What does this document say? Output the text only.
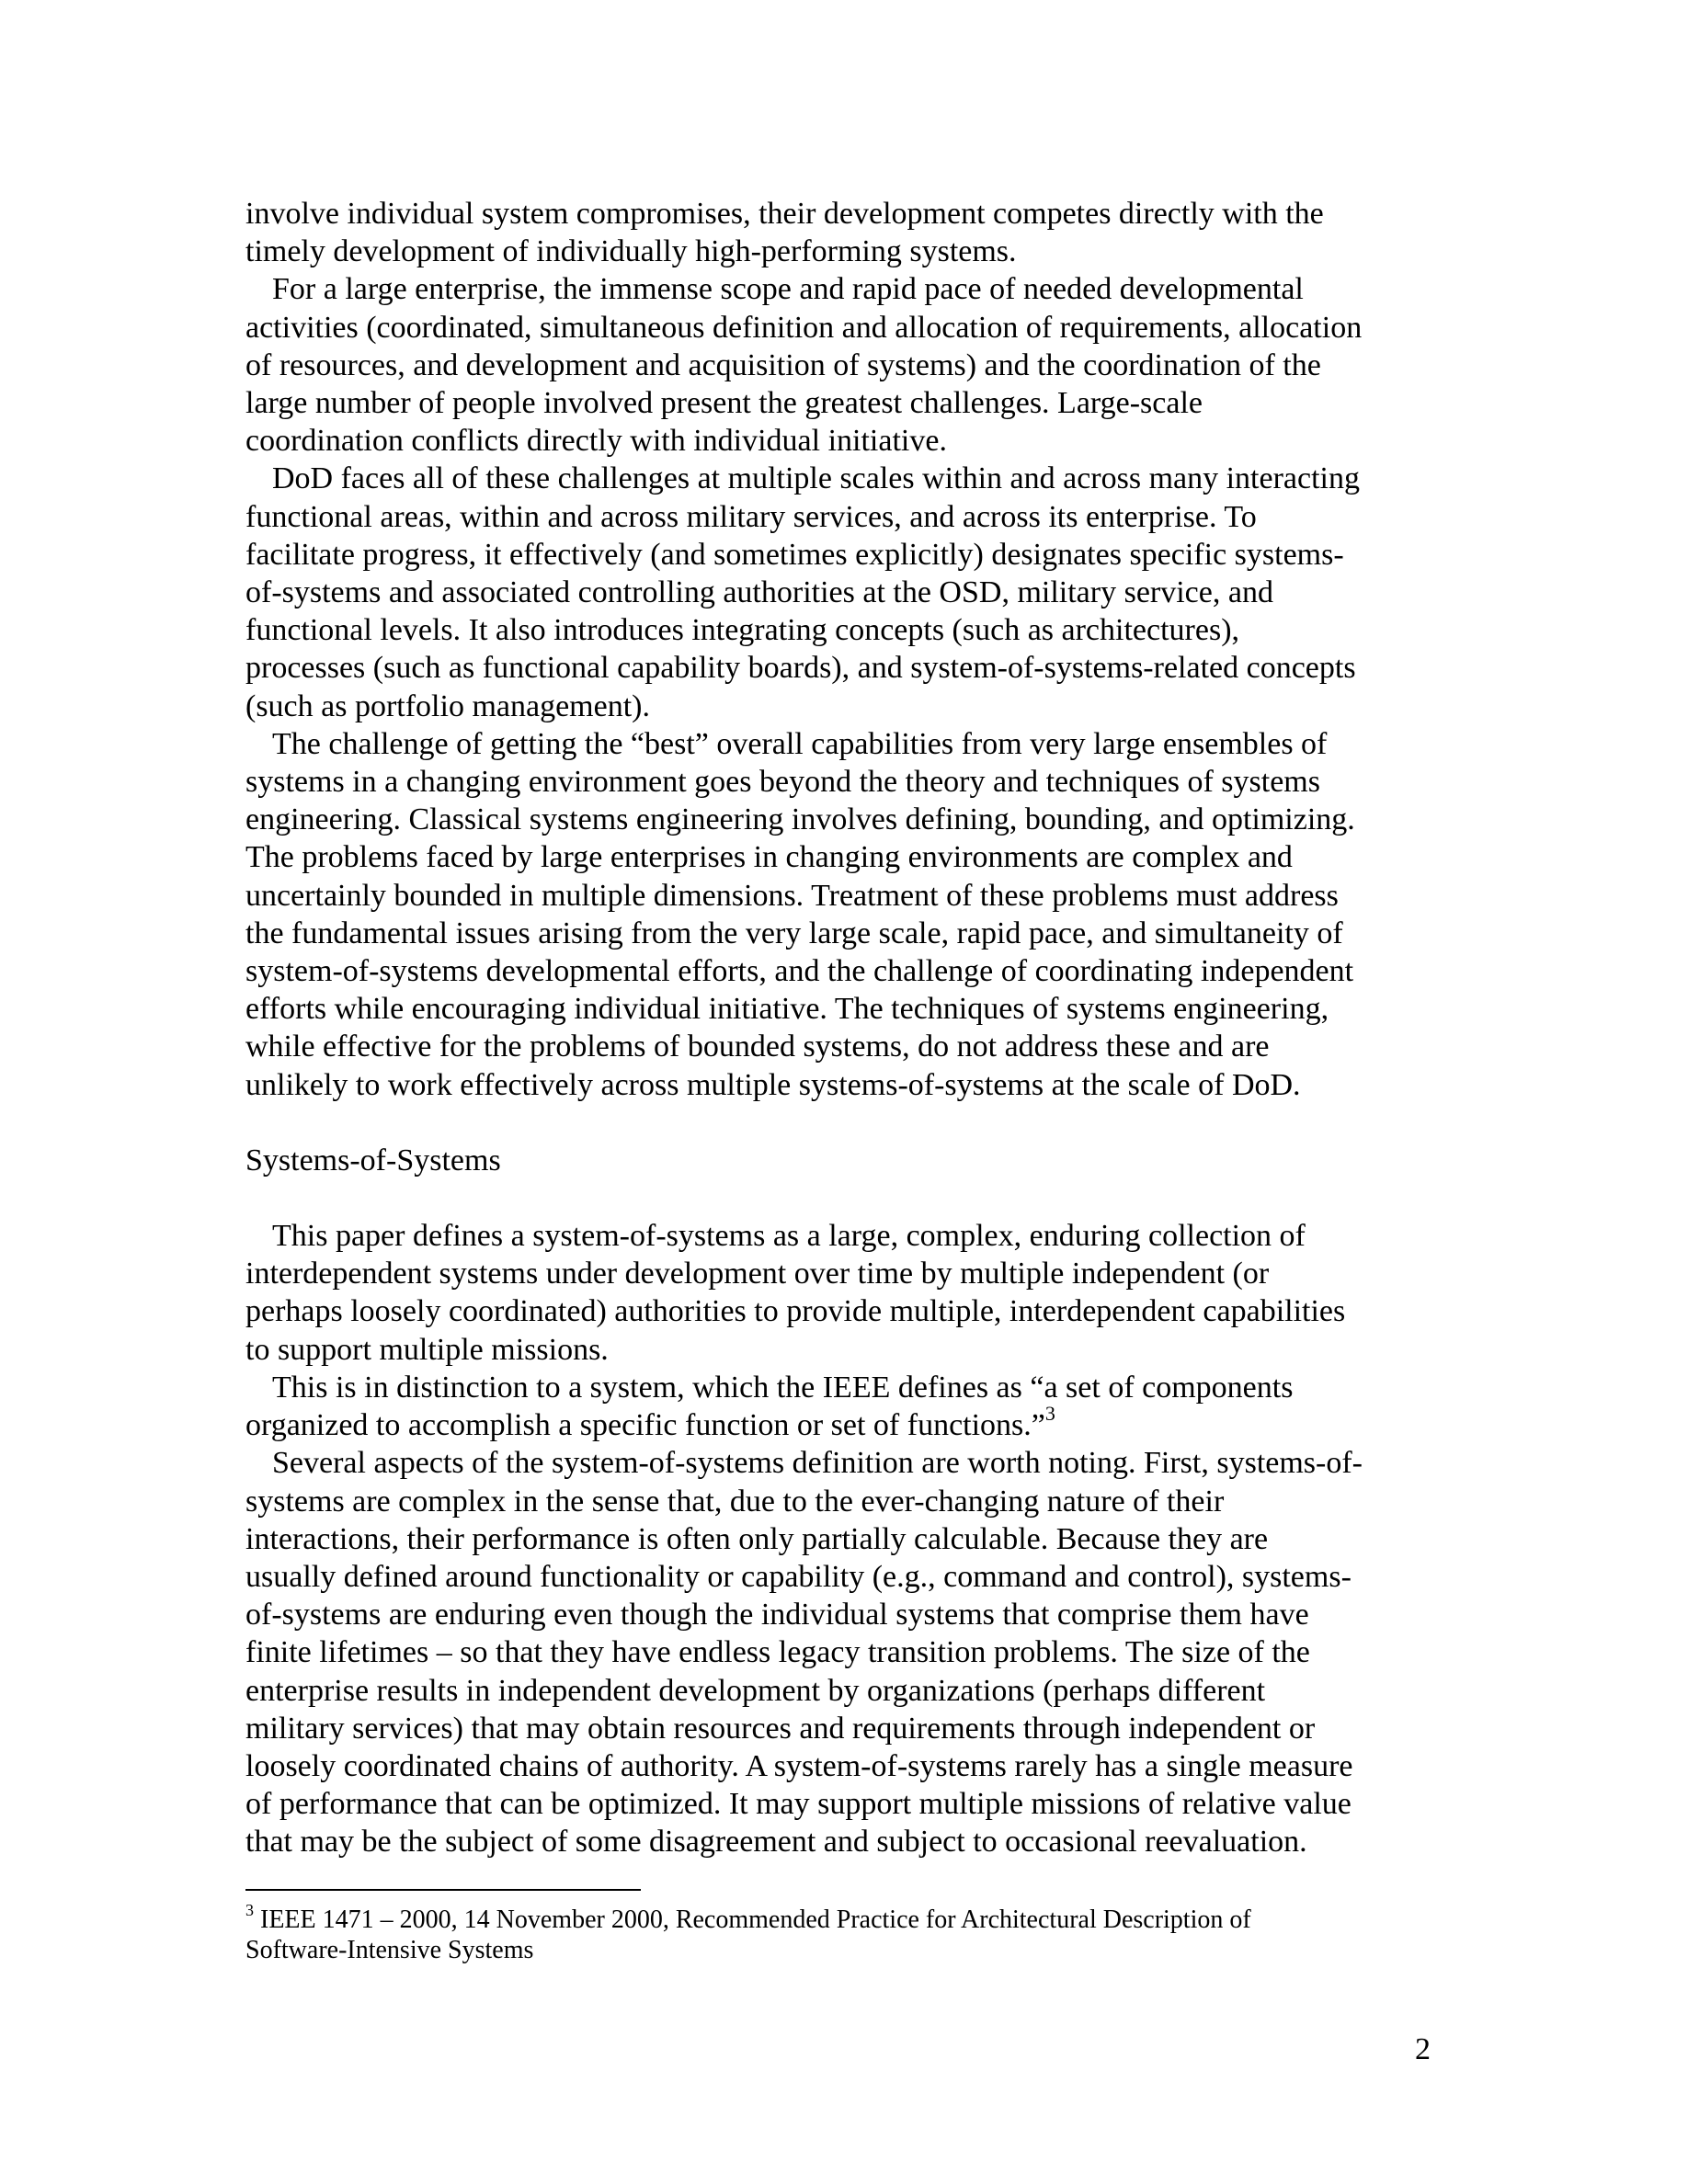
involve individual system compromises, their development competes directly with the
timely development of individually high-performing systems.

For a large enterprise, the immense scope and rapid pace of needed developmental
activities (coordinated, simultaneous definition and allocation of requirements, allocation
of resources, and development and acquisition of systems) and the coordination of the
large number of people involved present the greatest challenges. Large-scale
coordination conflicts directly with individual initiative.

DoD faces all of these challenges at multiple scales within and across many interacting
functional areas, within and across military services, and across its enterprise. To
facilitate progress, it effectively (and sometimes explicitly) designates specific systems-
of-systems and associated controlling authorities at the OSD, military service, and
functional levels. It also introduces integrating concepts (such as architectures),
processes (such as functional capability boards), and system-of-systems-related concepts
(such as portfolio management).

The challenge of getting the “best” overall capabilities from very large ensembles of
systems in a changing environment goes beyond the theory and techniques of systems
engineering. Classical systems engineering involves defining, bounding, and optimizing.
The problems faced by large enterprises in changing environments are complex and
uncertainly bounded in multiple dimensions. Treatment of these problems must address
the fundamental issues arising from the very large scale, rapid pace, and simultaneity of
system-of-systems developmental efforts, and the challenge of coordinating independent
efforts while encouraging individual initiative. The techniques of systems engineering,
while effective for the problems of bounded systems, do not address these and are
unlikely to work effectively across multiple systems-of-systems at the scale of DoD.

Systems-of-Systems

This paper defines a system-of-systems as a large, complex, enduring collection of
interdependent systems under development over time by multiple independent (or
perhaps loosely coordinated) authorities to provide multiple, interdependent capabilities
to support multiple missions.

This is in distinction to a system, which the IEEE defines as “a set of components
organized to accomplish a specific function or set of functions.”$^3$

Several aspects of the system-of-systems definition are worth noting. First, systems-of-
systems are complex in the sense that, due to the ever-changing nature of their
interactions, their performance is often only partially calculable. Because they are
usually defined around functionality or capability (e.g., command and control), systems-
of-systems are enduring even though the individual systems that comprise them have
finite lifetimes – so that they have endless legacy transition problems. The size of the
enterprise results in independent development by organizations (perhaps different
military services) that may obtain resources and requirements through independent or
loosely coordinated chains of authority. A system-of-systems rarely has a single measure
of performance that can be optimized. It may support multiple missions of relative value
that may be the subject of some disagreement and subject to occasional reevaluation.

$^3$ IEEE 1471 – 2000, 14 November 2000, Recommended Practice for Architectural Description of
Software-Intensive Systems
2
